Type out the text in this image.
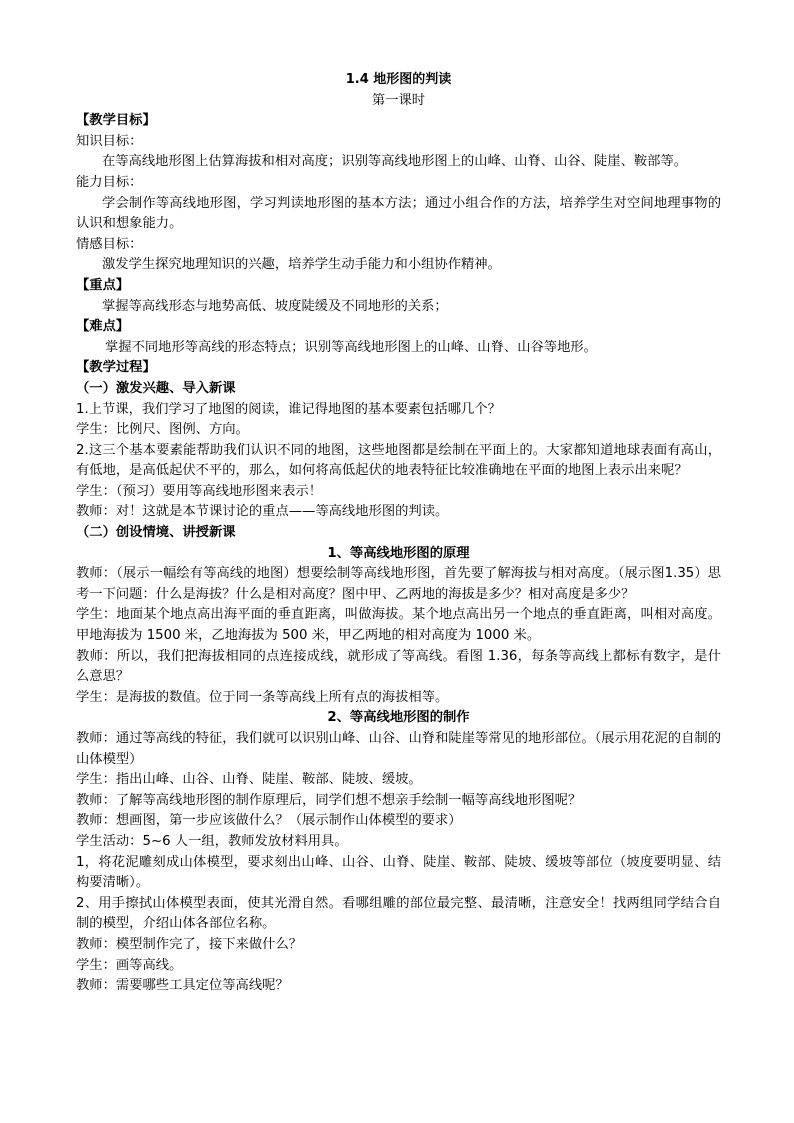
1.4 地形图的判读
第一课时
【教学目标】
知识目标：
在等高线地形图上估算海拔和相对高度；识别等高线地形图上的山峰、山脊、山谷、陡崖、鞍部等。
能力目标：
学会制作等高线地形图，学习判读地形图的基本方法；通过小组合作的方法，培养学生对空间地理事物的认识和想象能力。
情感目标：
激发学生探究地理知识的兴趣，培养学生动手能力和小组协作精神。
【重点】
掌握等高线形态与地势高低、坡度陡缓及不同地形的关系；
【难点】
掌握不同地形等高线的形态特点；识别等高线地形图上的山峰、山脊、山谷等地形。
【教学过程】
（一）激发兴趣、导入新课
1.上节课，我们学习了地图的阅读，谁记得地图的基本要素包括哪几个？
学生：比例尺、图例、方向。
2.这三个基本要素能帮助我们认识不同的地图，这些地图都是绘制在平面上的。大家都知道地球表面有高山，有低地，是高低起伏不平的，那么，如何将高低起伏的地表特征比较准确地在平面的地图上表示出来呢？
学生：（预习）要用等高线地形图来表示！
教师：对！这就是本节课讨论的重点——等高线地形图的判读。
（二）创设情境、讲授新课
1、等高线地形图的原理
教师：（展示一幅绘有等高线的地图）想要绘制等高线地形图，首先要了解海拔与相对高度。（展示图1.35）思考一下问题：什么是海拔？什么是相对高度？图中甲、乙两地的海拔是多少？相对高度是多少？
学生：地面某个地点高出海平面的垂直距离，叫做海拔。某个地点高出另一个地点的垂直距离，叫相对高度。甲地海拔为 1500 米，乙地海拔为 500 米，甲乙两地的相对高度为 1000 米。
教师：所以，我们把海拔相同的点连接成线，就形成了等高线。看图 1.36，每条等高线上都标有数字，是什么意思？
学生：是海拔的数值。位于同一条等高线上所有点的海拔相等。
2、等高线地形图的制作
教师：通过等高线的特征，我们就可以识别山峰、山谷、山脊和陡崖等常见的地形部位。（展示用花泥的自制的山体模型）
学生：指出山峰、山谷、山脊、陡崖、鞍部、陡坡、缓坡。
教师：了解等高线地形图的制作原理后，同学们想不想亲手绘制一幅等高线地形图呢？
教师：想画图，第一步应该做什么？（展示制作山体模型的要求）
学生活动：5~6 人一组，教师发放材料用具。
1，将花泥雕刻成山体模型，要求刻出山峰、山谷、山脊、陡崖、鞍部、陡坡、缓坡等部位（坡度要明显、结构要清晰）。
2、用手擦拭山体模型表面，使其光滑自然。看哪组雕的部位最完整、最清晰，注意安全！找两组同学结合自制的模型，介绍山体各部位名称。
教师：模型制作完了，接下来做什么？
学生：画等高线。
教师：需要哪些工具定位等高线呢？
